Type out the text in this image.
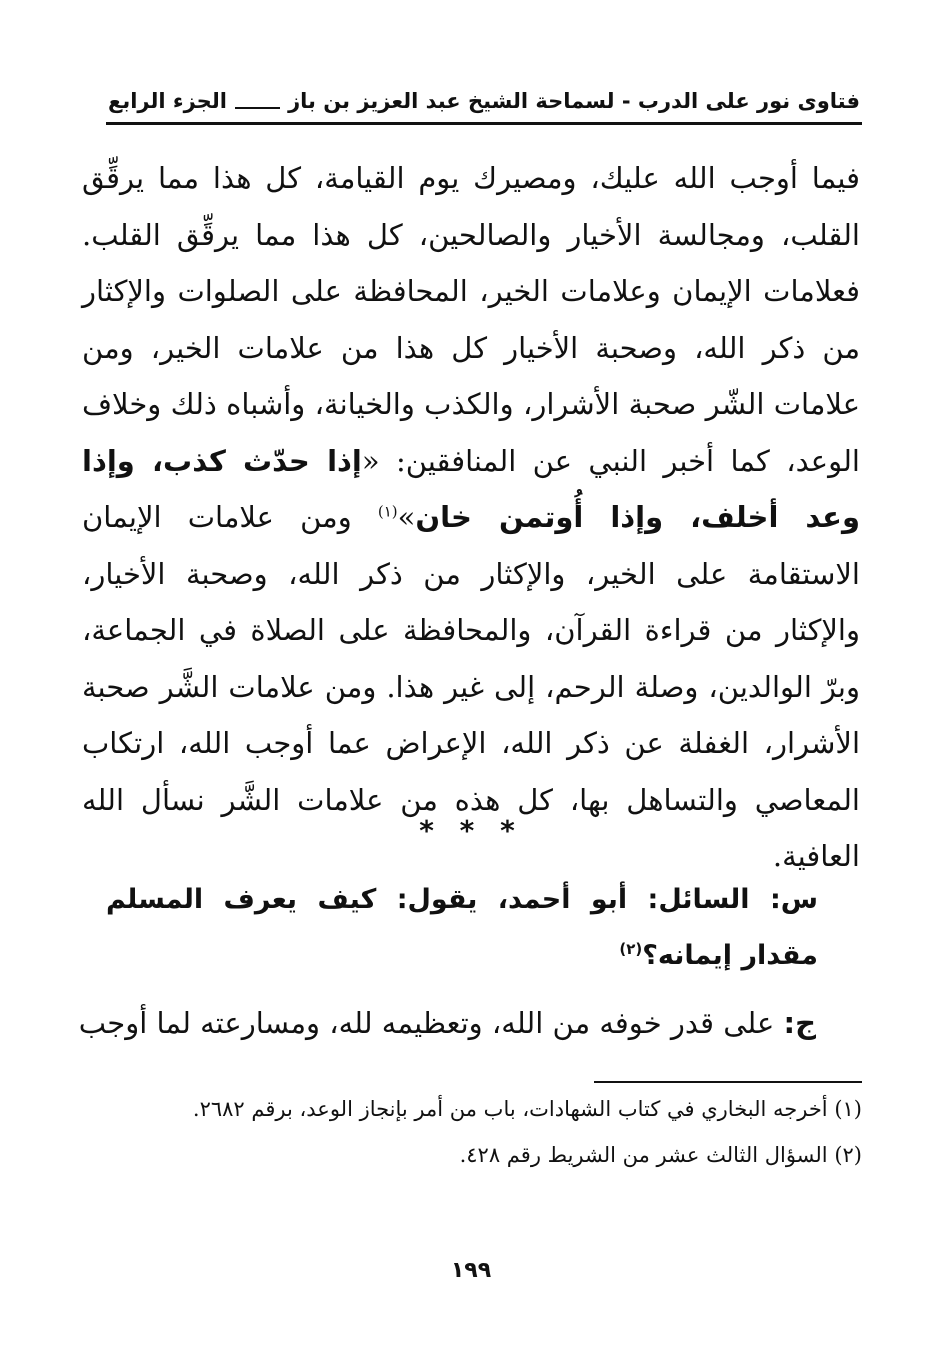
فتاوى نور على الدرب - لسماحة الشيخ عبد العزيز بن باز
الجزء الرابع

فيما أوجب الله عليك، ومصيرك يوم القيامة، كل هذا مما يرقِّق القلب، ومجالسة الأخيار والصالحين، كل هذا مما يرقِّق القلب. فعلامات الإيمان وعلامات الخير، المحافظة على الصلوات والإكثار من ذكر الله، وصحبة الأخيار كل هذا من علامات الخير، ومن علامات الشّر صحبة الأشرار، والكذب والخيانة، وأشباه ذلك وخلاف الوعد، كما أخبر النبي عن المنافقين: «إذا حدّث كذب، وإذا وعد أخلف، وإذا أُوتمن خان»$^{(١)}$ ومن علامات الإيمان الاستقامة على الخير، والإكثار من ذكر الله، وصحبة الأخيار، والإكثار من قراءة القرآن، والمحافظة على الصلاة في الجماعة، وبرّ الوالدين، وصلة الرحم، إلى غير هذا. ومن علامات الشَّر صحبة الأشرار، الغفلة عن ذكر الله، الإعراض عما أوجب الله، ارتكاب المعاصي والتساهل بها، كل هذه من علامات الشَّر نسأل الله العافية.

* * *
س: السائل: أبو أحمد، يقول: كيف يعرف المسلم مقدار إيمانه؟$^{(٢)}$
ج: على قدر خوفه من الله، وتعظيمه لله، ومسارعته لما أوجب

(١) أخرجه البخاري في كتاب الشهادات، باب من أمر بإنجاز الوعد، برقم ٢٦٨٢.

(٢) السؤال الثالث عشر من الشريط رقم ٤٢٨.

١٩٩
